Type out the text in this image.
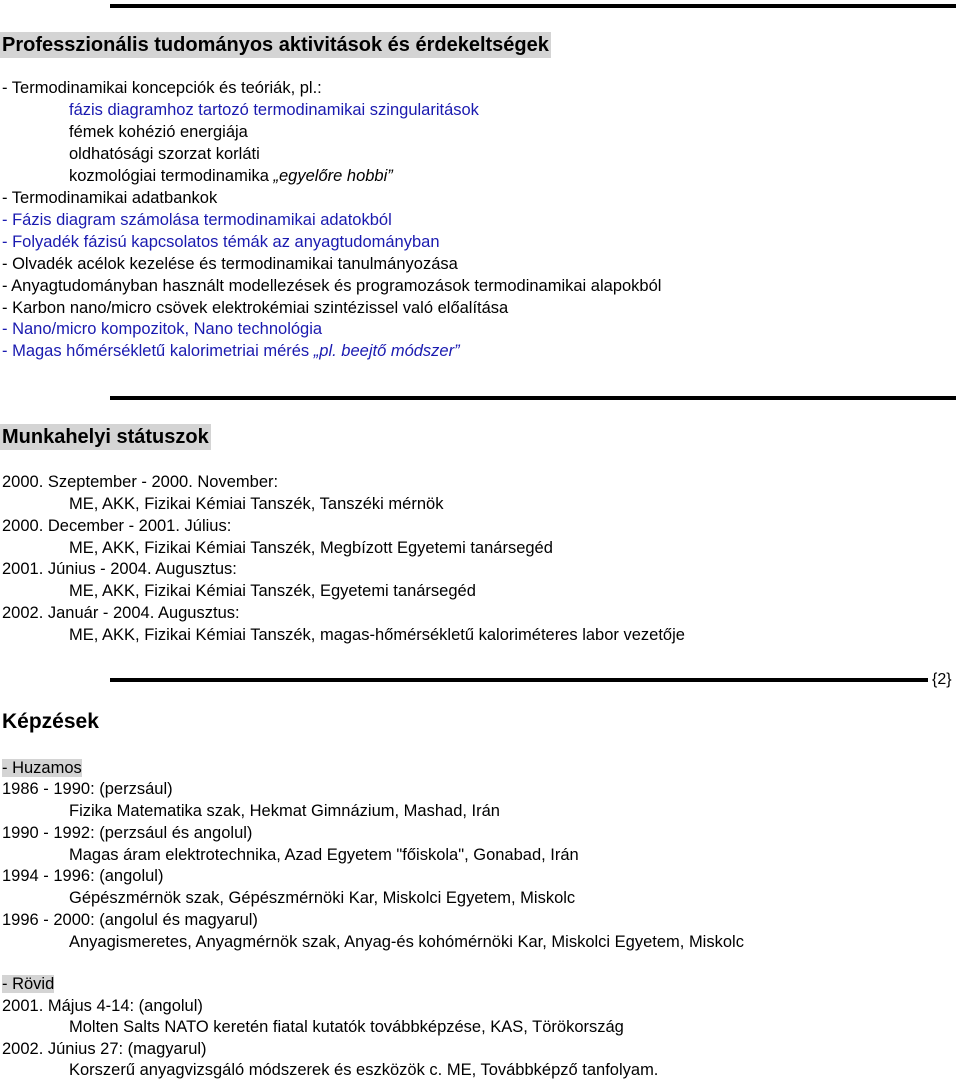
Professzionális tudományos aktivitások és érdekeltségek
- Termodinamikai koncepciók és teóriák, pl.:
fázis diagramhoz tartozó termodinamikai szingularitások
fémek kohézió energiája
oldhatósági szorzat korláti
kozmológiai termodinamika „egyelőre hobbi”
- Termodinamikai adatbankok
- Fázis diagram számolása termodinamikai adatokból
- Folyadék fázisú kapcsolatos témák az anyagtudományban
- Olvadék acélok kezelése és termodinamikai tanulmányozása
- Anyagtudományban használt modellezések és programozások termodinamikai alapokból
- Karbon nano/micro csövek elektrokémiai szintézissel való előalítása
- Nano/micro kompozitok, Nano technológia
- Magas hőmérsékletű kalorimetriai mérés „pl. beejtő módszer”
Munkahelyi státuszok
2000. Szeptember - 2000. November:
ME, AKK, Fizikai Kémiai Tanszék, Tanszéki mérnök
2000. December - 2001. Július:
ME, AKK, Fizikai Kémiai Tanszék, Megbízott Egyetemi tanársegéd
2001. Június - 2004. Augusztus:
ME, AKK, Fizikai Kémiai Tanszék, Egyetemi tanársegéd
2002. Január - 2004. Augusztus:
ME, AKK, Fizikai Kémiai Tanszék, magas-hőmérsékletű kaloriméteres labor vezetője
{2}
Képzések
- Huzamos
1986 - 1990: (perzsául)
Fizika Matematika szak, Hekmat Gimnázium, Mashad, Irán
1990 - 1992: (perzsául és angolul)
Magas áram elektrotechnika, Azad Egyetem "főiskola", Gonabad, Irán
1994 - 1996: (angolul)
Gépészmérnök szak, Gépészmérnöki Kar, Miskolci Egyetem, Miskolc
1996 - 2000: (angolul és magyarul)
Anyagismeretes, Anyagmérnök szak, Anyag-és kohómérnöki Kar, Miskolci Egyetem, Miskolc
- Rövid
2001. Május 4-14: (angolul)
Molten Salts NATO keretén fiatal kutatók továbbképzése, KAS, Törökország
2002. Június 27: (magyarul)
Korszerű anyagvizsgáló módszerek és eszközök c. ME, Továbbképző tanfolyam.
